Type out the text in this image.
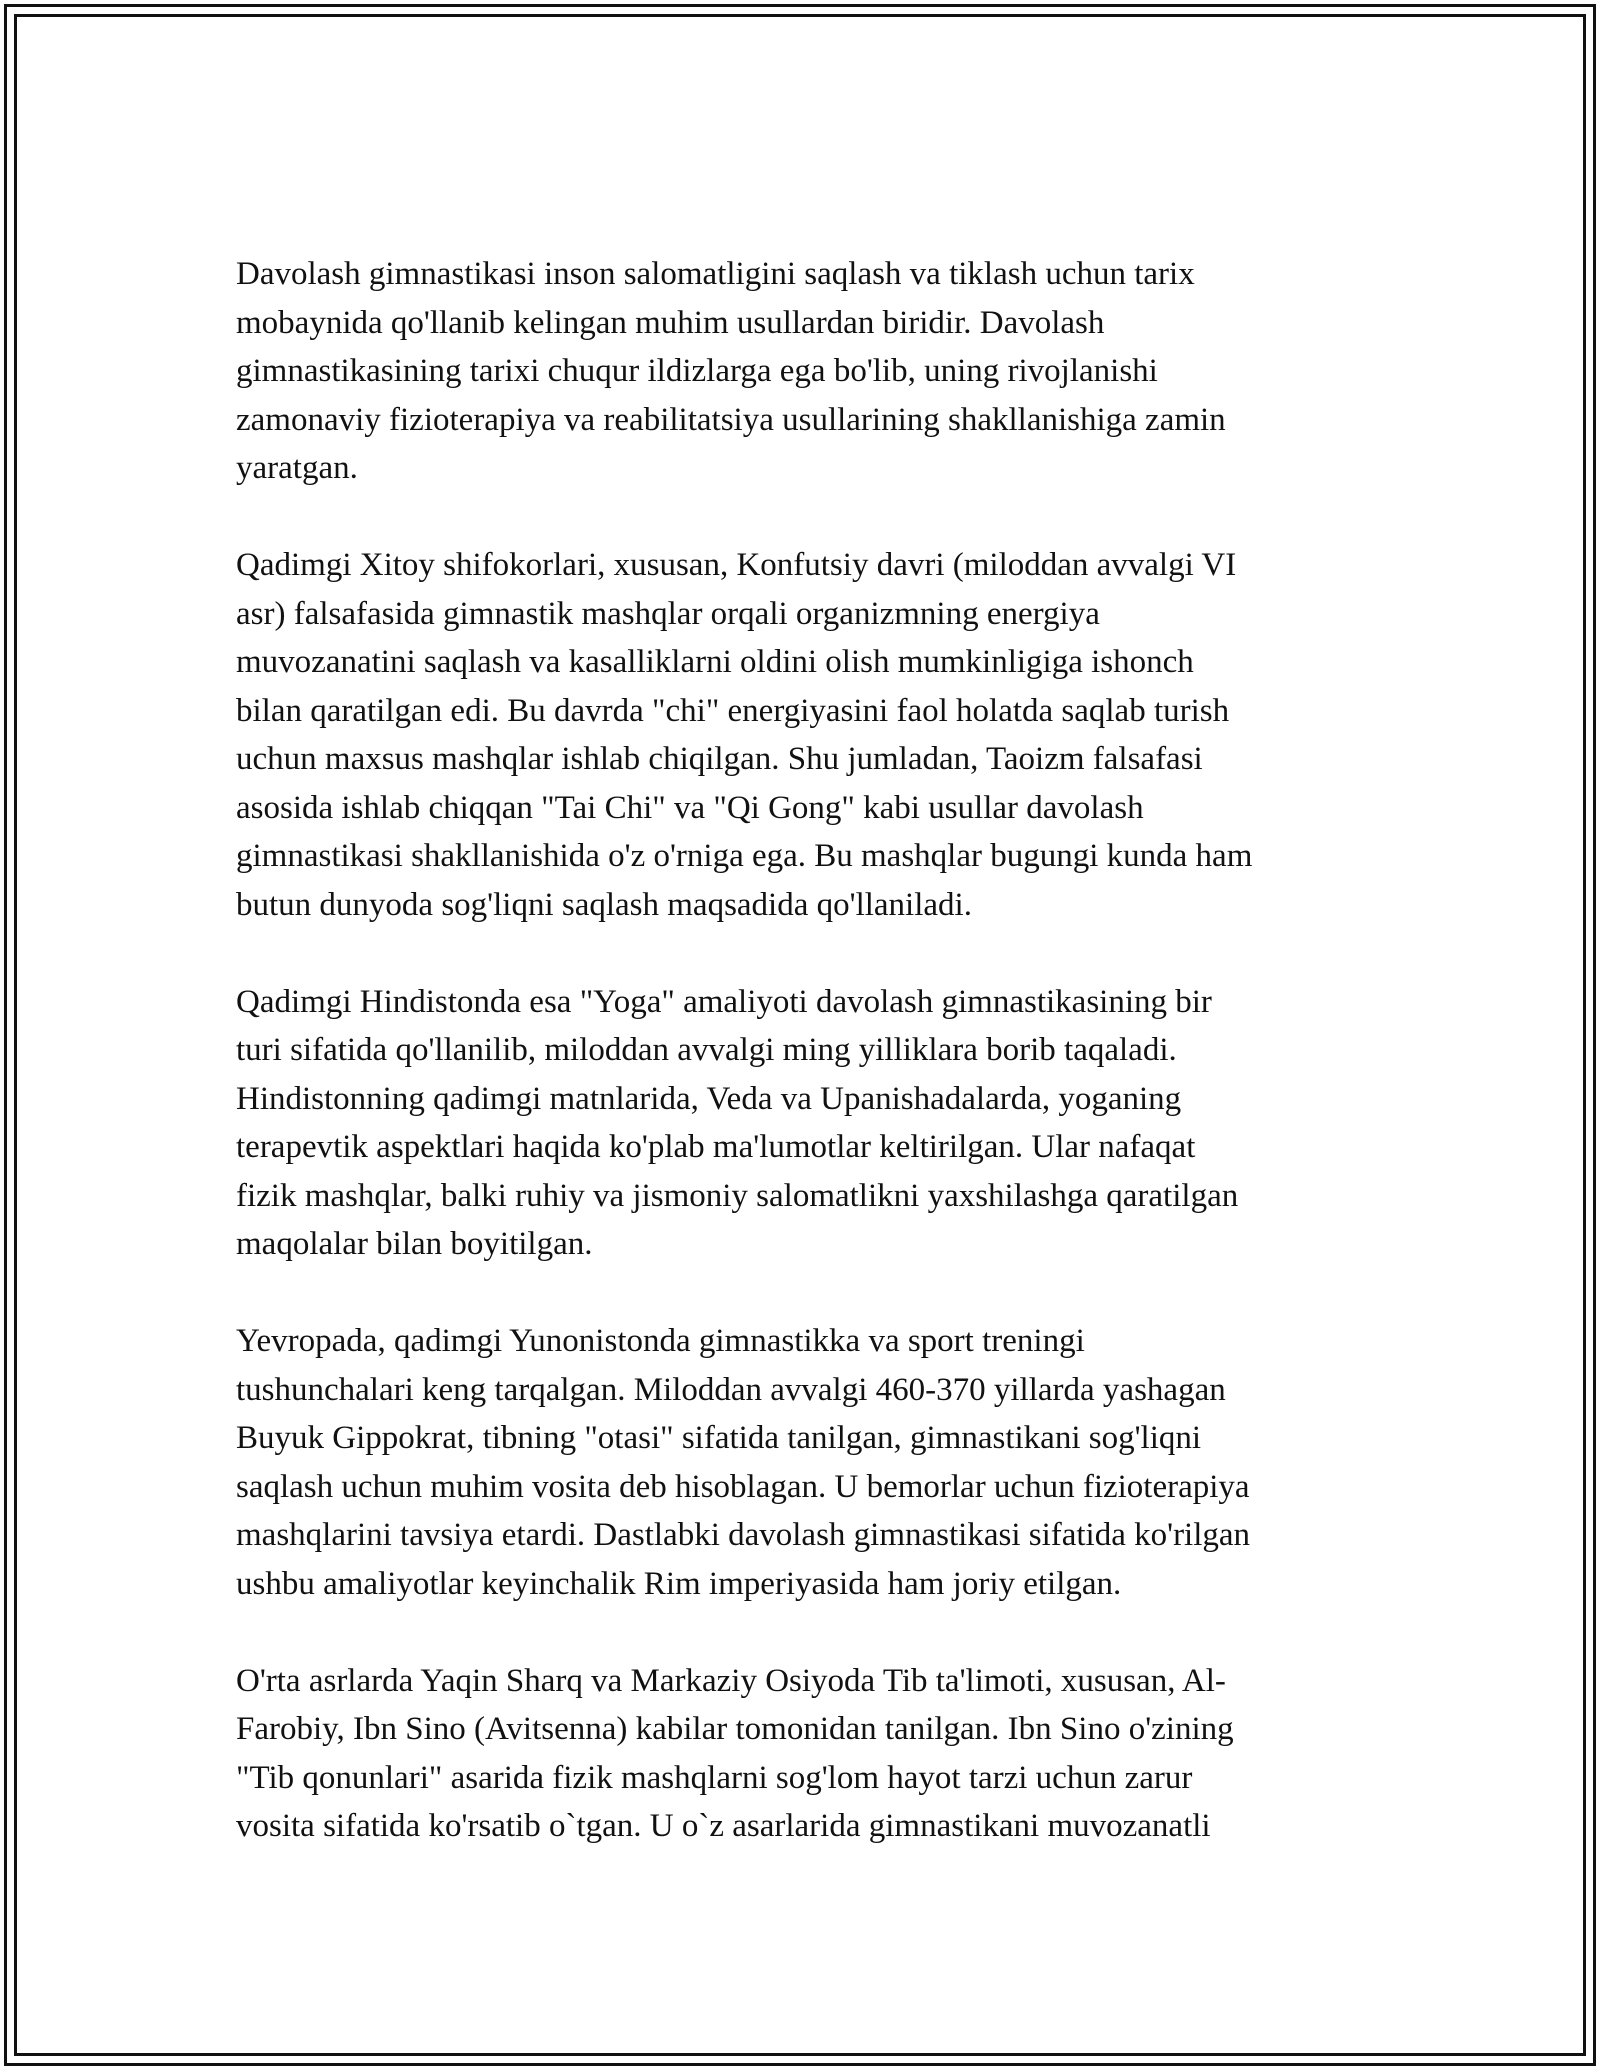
Davolash gimnastikasi inson salomatligini saqlash va tiklash uchun tarix
mobaynida qo'llanib kelingan muhim usullardan biridir. Davolash
gimnastikasining tarixi chuqur ildizlarga ega bo'lib, uning rivojlanishi
zamonaviy fizioterapiya va reabilitatsiya usullarining shakllanishiga zamin
yaratgan.

Qadimgi Xitoy shifokorlari, xususan, Konfutsiy davri (miloddan avvalgi VI
asr) falsafasida gimnastik mashqlar orqali organizmning energiya
muvozanatini saqlash va kasalliklarni oldini olish mumkinligiga ishonch
bilan qaratilgan edi. Bu davrda "chi" energiyasini faol holatda saqlab turish
uchun maxsus mashqlar ishlab chiqilgan. Shu jumladan, Taoizm falsafasi
asosida ishlab chiqqan "Tai Chi" va "Qi Gong" kabi usullar davolash
gimnastikasi shakllanishida o'z o'rniga ega. Bu mashqlar bugungi kunda ham
butun dunyoda sog'liqni saqlash maqsadida qo'llaniladi.

Qadimgi Hindistonda esa "Yoga" amaliyoti davolash gimnastikasining bir
turi sifatida qo'llanilib, miloddan avvalgi ming yilliklara borib taqaladi.
Hindistonning qadimgi matnlarida, Veda va Upanishadalarda, yoganing
terapevtik aspektlari haqida ko'plab ma'lumotlar keltirilgan. Ular nafaqat
fizik mashqlar, balki ruhiy va jismoniy salomatlikni yaxshilashga qaratilgan
maqolalar bilan boyitilgan.

Yevropada, qadimgi Yunonistonda gimnastikka va sport treningi
tushunchalari keng tarqalgan. Miloddan avvalgi 460-370 yillarda yashagan
Buyuk Gippokrat, tibning "otasi" sifatida tanilgan, gimnastikani sog'liqni
saqlash uchun muhim vosita deb hisoblagan. U bemorlar uchun fizioterapiya
mashqlarini tavsiya etardi. Dastlabki davolash gimnastikasi sifatida ko'rilgan
ushbu amaliyotlar keyinchalik Rim imperiyasida ham joriy etilgan.

O'rta asrlarda Yaqin Sharq va Markaziy Osiyoda Tib ta'limoti, xususan, Al-
Farobiy, Ibn Sino (Avitsenna) kabilar tomonidan tanilgan. Ibn Sino o'zining
"Tib qonunlari" asarida fizik mashqlarni sog'lom hayot tarzi uchun zarur
vosita sifatida ko'rsatib o`tgan. U o`z asarlarida gimnastikani muvozanatli
